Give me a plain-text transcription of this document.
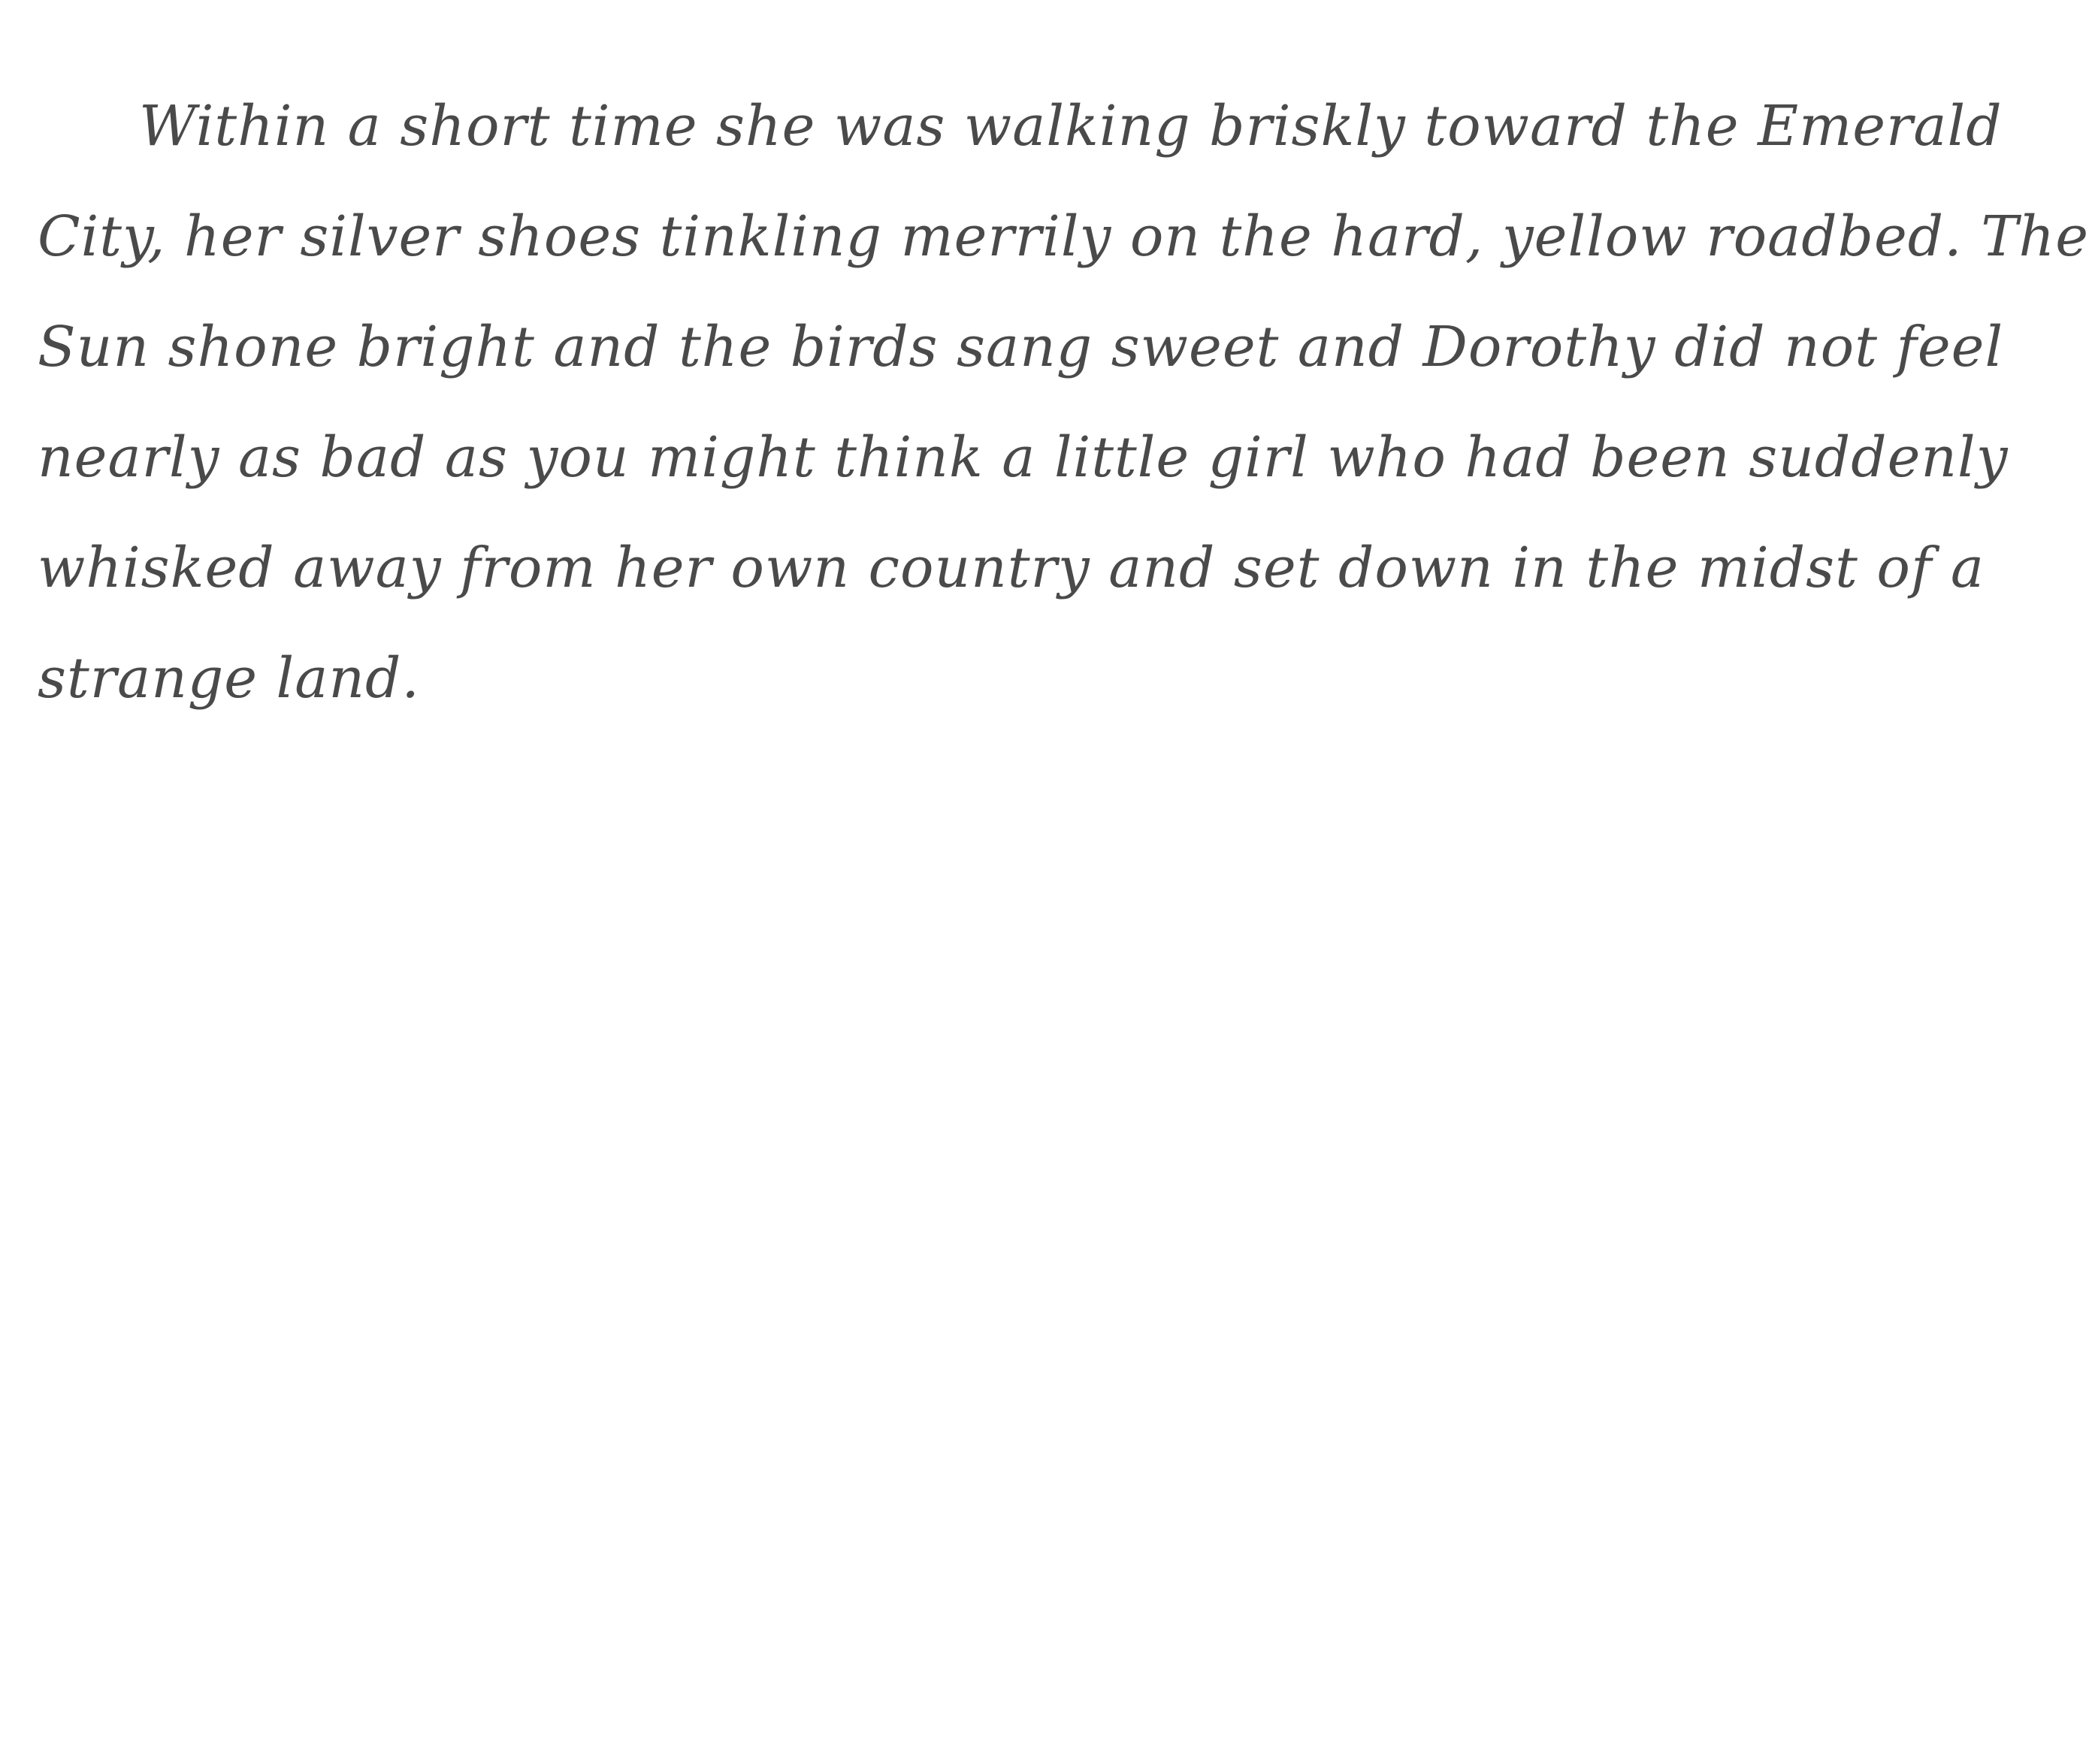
Within a short time she was walking briskly toward the Emerald
City, her silver shoes tinkling merrily on the hard, yellow roadbed. The
Sun shone bright and the birds sang sweet and Dorothy did not feel
nearly as bad as you might think a little girl who had been suddenly
whisked away from her own country and set down in the midst of a
strange land.
